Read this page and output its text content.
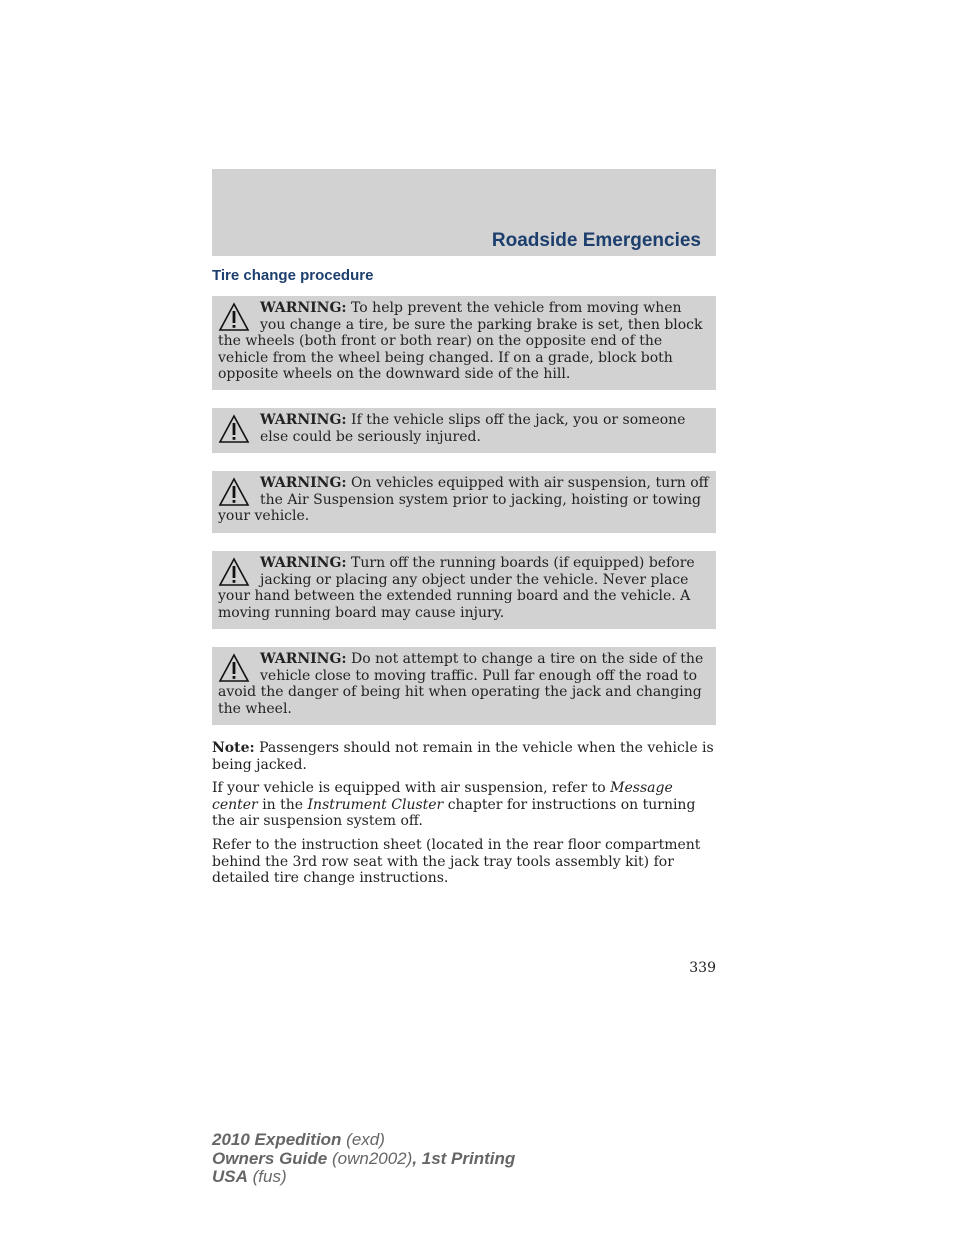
Roadside Emergencies
Tire change procedure
WARNING: To help prevent the vehicle from moving when you change a tire, be sure the parking brake is set, then block the wheels (both front or both rear) on the opposite end of the vehicle from the wheel being changed. If on a grade, block both opposite wheels on the downward side of the hill.
WARNING: If the vehicle slips off the jack, you or someone else could be seriously injured.
WARNING: On vehicles equipped with air suspension, turn off the Air Suspension system prior to jacking, hoisting or towing your vehicle.
WARNING: Turn off the running boards (if equipped) before jacking or placing any object under the vehicle. Never place your hand between the extended running board and the vehicle. A moving running board may cause injury.
WARNING: Do not attempt to change a tire on the side of the vehicle close to moving traffic. Pull far enough off the road to avoid the danger of being hit when operating the jack and changing the wheel.

Note: Passengers should not remain in the vehicle when the vehicle is being jacked.

If your vehicle is equipped with air suspension, refer to Message center in the Instrument Cluster chapter for instructions on turning the air suspension system off.

Refer to the instruction sheet (located in the rear floor compartment behind the 3rd row seat with the jack tray tools assembly kit) for detailed tire change instructions.

339
2010 Expedition (exd)
Owners Guide (own2002), 1st Printing
USA (fus)
